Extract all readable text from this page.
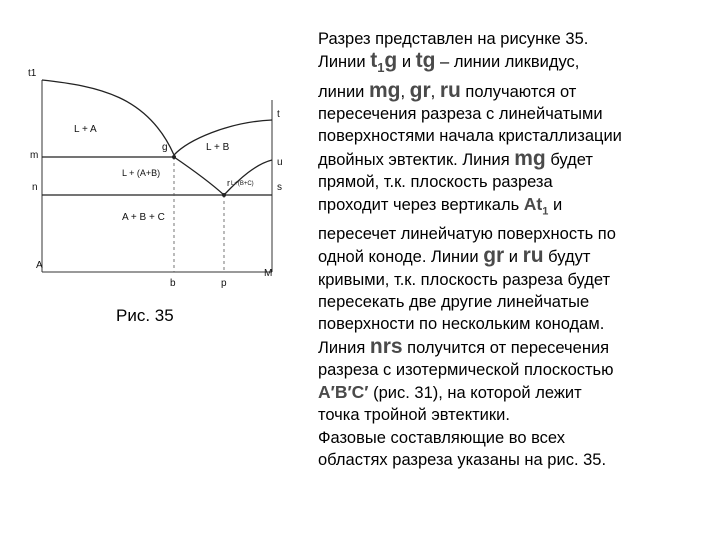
t1
t
m
n
u
s
g
r
A
b	p
M
L + A
L + B
L + (A+B)
L+(B+C)
A + B + C
Рис. 35

Разрез представлен на рисунке 35.

Линии $t_1g$ и tg – линии ликвидус,

линии mg, gr, ru получаются от

пересечения разреза с линейчатыми

поверхностями начала кристаллизации

двойных эвтектик. Линия mg будет

прямой, т.к. плоскость разреза

проходит через вертикаль $At_1$ и

пересечет линейчатую поверхность по

одной коноде. Линии gr и ru будут

кривыми, т.к. плоскость разреза будет

пересекать две другие линейчатые

поверхности по нескольким конодам.

Линия nrs получится от пересечения

разреза с изотермической плоскостью

A′B′C′ (рис. 31), на которой лежит

точка тройной эвтектики.

Фазовые составляющие во всех

областях разреза указаны на рис. 35.
